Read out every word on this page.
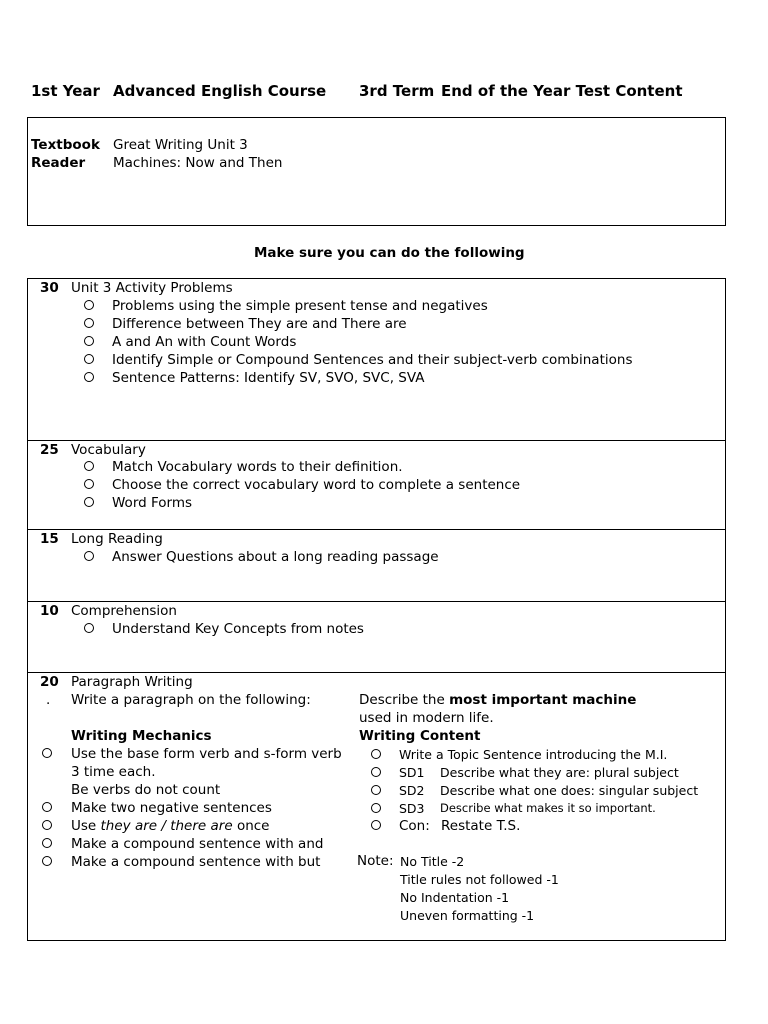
1st Year Advanced English Course 3rd Term End of the Year Test Content
Textbook
Reader
Great Writing Unit 3
Machines: Now and Then
Make sure you can do the following
30 Unit 3 Activity Problems
Problems using the simple present tense and negatives
Difference between They are and There are
A and An with Count Words
Identify Simple or Compound Sentences and their subject-verb combinations
Sentence Patterns: Identify SV, SVO, SVC, SVA
25 Vocabulary
Match Vocabulary words to their definition.
Choose the correct vocabulary word to complete a sentence
Word Forms
15 Long Reading
Answer Questions about a long reading passage
10 Comprehension
Understand Key Concepts from notes
20 Paragraph Writing
. Write a paragraph on the following:	Describe the most important machine
used in modern life.
Writing Mechanics	Writing Content
Use the base form verb and s-form verb
3 time each.
Be verbs do not count
Make two negative sentences
Use they are / there are once
Make a compound sentence with and
Make a compound sentence with but
Write a Topic Sentence introducing the M.I.
SD1 Describe what they are: plural subject
SD2 Describe what one does: singular subject
SD3 Describe what makes it so important.
Con: Restate T.S.
Note: No Title -2
Title rules not followed -1
No Indentation -1
Uneven formatting -1
